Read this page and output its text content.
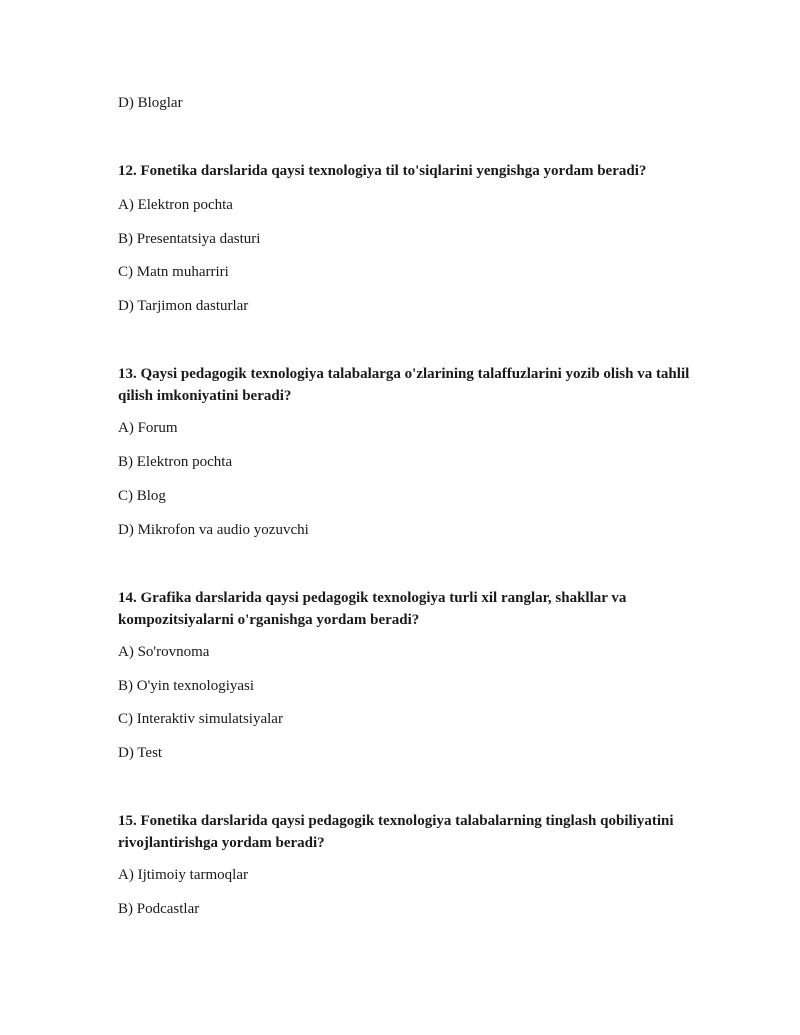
D) Bloglar
12. Fonetika darslarida qaysi texnologiya til to'siqlarini yengishga yordam beradi?
A) Elektron pochta
B) Presentatsiya dasturi
C) Matn muharriri
D) Tarjimon dasturlar
13. Qaysi pedagogik texnologiya talabalarga o'zlarining talaffuzlarini yozib olish va tahlil qilish imkoniyatini beradi?
A) Forum
B) Elektron pochta
C) Blog
D) Mikrofon va audio yozuvchi
14. Grafika darslarida qaysi pedagogik texnologiya turli xil ranglar, shakllar va kompozitsiyalarni o'rganishga yordam beradi?
A) So'rovnoma
B) O'yin texnologiyasi
C) Interaktiv simulatsiyalar
D) Test
15. Fonetika darslarida qaysi pedagogik texnologiya talabalarning tinglash qobiliyatini rivojlantirishga yordam beradi?
A) Ijtimoiy tarmoqlar
B) Podcastlar
